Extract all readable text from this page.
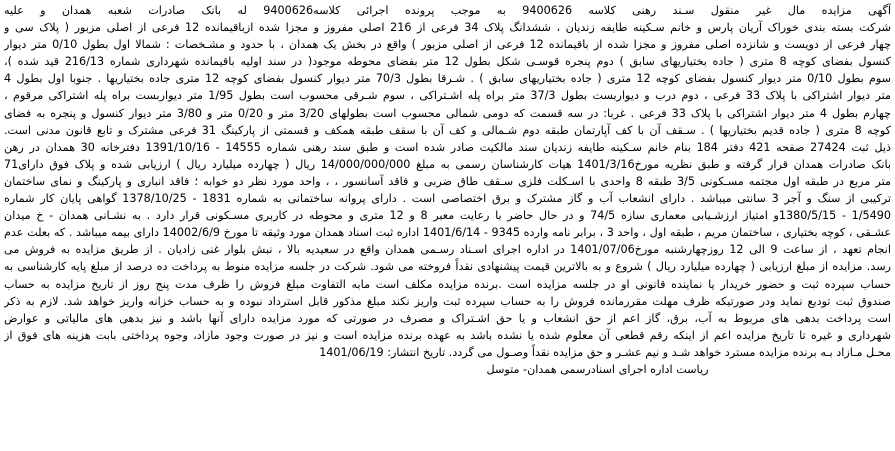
آگهی مزایده مال غیر منقول سـند رهنی کلاسه 9400626 به موجب پرونده اجرائی کلاسه9400626 له بانک صادرات شعبه همدان و علیه
شرکت بسته بندی خوراک آریان پارس و خانم سـکینه طایفه زندیان ، ششدانگ پلاک 34 فرعی از 216 اصلی مفروز و مجزا شده ازباقیمانده 12 فرعی از اصلی مزبور ( پلاک سی و
چهار فرعی از دویست و شانزده اصلی مفروز و مجزا شده از باقیمانده 12 فرعی از اصلی مزبور ) واقع در بخش یک همدان ، با حدود و مشـخصات : شمالا اول بطول 0/10 متر دیوار
کنسول بفضای کوچه 8 متری ( جاده بختیاریهای سابق ) دوم پنجره قوسـی شکل بطول 12 متر بفضای محوطه موجود( در سند اولیه باقیمانده شهرداری شماره 216/13 قید شده )،
سوم بطول 0/10 متر دیوار کنسول بفضای کوچه 12 متری ( جاده بختیاریهای سابق ) . شـرقا بطول 70/3 متر دیوار کنسول بفضای کوچه 12 متری جاده بختیاریها . جنوبا اول بطول 4
متر دیوار اشتراکی با پلاک 33 فرعی ، دوم درب و دیواربست بطول 37/3 متر براه پله اشـتراکی ، سوم شـرقی محسوب است بطول 1/95 متر دیواربست براه پله اشتراکی مرقوم ،
چهارم بطول 4 متر دیوار اشتراکی با پلاک 33 فرعی . غربا: در سه قسمت که دومی شمالی محسوب است بطولهای 3/20 متر و 0/20 متر و 3/80 متر دیوار کنسول و پنجره به فضای
کوچه 8 متری ( جاده قدیم بختیاریها ) . سـقف آن با کف آپارتمان طبقه دوم شـمالی و کف آن با سقف طبقه همکف و قسمتی از پارکینگ 31 فرعی مشترک و تابع قانون مدنی است.
ذیل ثبت 27424 صفحه 421 دفتر 184 بنام خانم سـکینه طایفه زندیان سند مالکیت صادر شده است و طبق سند رهنی شماره 14555 - 1391/10/16 دفترخانه 30 همدان در رهن
بانک صادرات همدان قرار گرفته و طبق نظریه مورخ1401/3/16 هیات کارشناسان رسمی به مبلغ 14/000/000/000 ریال ( چهارده میلیارد ریال ) ارزیابی شده و پلاک فوق دارای71
متر مربع در طبقه اول مجتمه مسـکونی 3/5 طبقه 8 واحدی با اسـکلت فلزی سـقف طاق ضربی و فاقد آسانسور ، ، واحد مورد نظر دو خوابه ؛ فاقد انباری و پارکینگ و نمای ساختمان
ترکیبی از سنگ و آجر 3 سانتی میباشد . دارای انشعاب آب و گاز مشترک و برق اختصاصی است . دارای پروانه ساختمانی به شماره 1831 - 1378/10/25 گواهی پایان کار شماره
1/5490 - 1380/5/15و امتیاز ارزشـیابی معماری سازه 74/5 و در حال حاضر با رعایت معبر 8 و 12 متری و محوطه در کاربری مسـکونی قرار دارد . به نشـانی همدان - خ میدان
عشـقی ، کوچه بختیاری ، ساختمان مریم ، طبقه اول ، واحد 3 ، برابر نامه وارده 9345 - 1401/6/14 اداره ثبت اسناد همدان مورد وثیقه تا مورخ 14002/6/9 دارای بیمه میباشد . که بعلت عدم
انجام تعهد ، از ساعت 9 الی 12 روزچهارشنبه مورخ1401/07/06 در اداره اجرای اسـناد رسـمی همدان واقع در سعیدیه بالا ، نبش بلوار غنی زادیان . از طریق مزایده به فروش می
رسد. مزایده از مبلغ ارزیابی ( چهارده میلیارد ریال ) شروع و به بالاترین قیمت پیشنهادی نقداً فروخته می شود. شرکت در جلسه مزایده منوط به پرداخت ده درصد از مبلغ پایه کارشناسی به
حساب سپرده ثبت و حضور خریدار یا نماینده قانونی او در جلسه مزایده است .برنده مزایده مکلف است مابه التفاوت مبلغ فروش را ظرف مدت پنج روز از تاریخ مزایده به حساب
صندوق ثبت تودیع نماید ودر صورتیکه ظرف مهلت مقررمانده فروش را به حساب سپرده ثبت واریز نکند مبلغ مذکور قابل استرداد نبوده و به حساب خزانه واریز خواهد شد. لازم به ذکر
است پرداخت بدهی های مربوط به آب، برق، گاز اعم از حق انشعاب و یا حق اشـتراک و مصرف در صورتی که مورد مزایده دارای آنها باشد و نیز بدهی های مالیاتی و عوارض
شهرداری و غیره تا تاریخ مزایده اعم از اینکه رقم قطعی آن معلوم شده یا نشده باشد به عهده برنده مزایده است و نیز در صورت وجود مازاد، وجوه پرداختی بابت هزینه های فوق از
محـل مـازاد بـه برنده مزایده مسترد خواهد شـد و نیم عشـر و حق مزایده نقداً وصـول می گردد. تاریخ انتشار: 1401/06/19
رياست اداره اجرای اسنادرسمی همدان- متوسل
